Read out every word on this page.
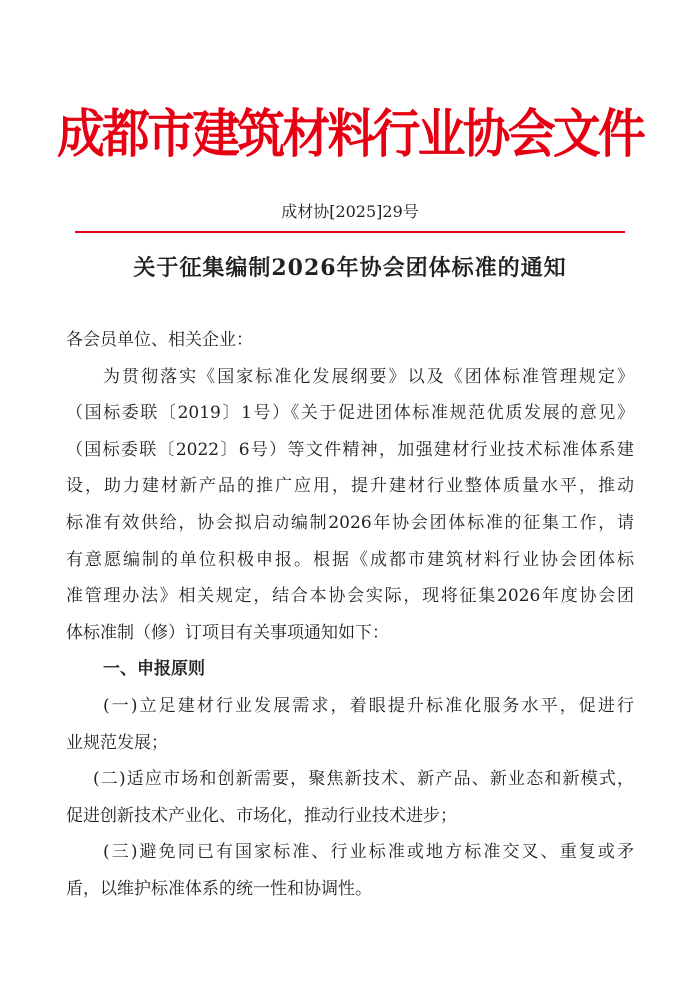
成都市建筑材料行业协会文件
成材协[2025]29号
关于征集编制2026年协会团体标准的通知
各会员单位、相关企业：
为贯彻落实《国家标准化发展纲要》以及《团体标准管理规定》
（国标委联〔2019〕1号）《关于促进团体标准规范优质发展的意见》
（国标委联〔2022〕6号）等文件精神，加强建材行业技术标准体系建
设，助力建材新产品的推广应用，提升建材行业整体质量水平，推动
标准有效供给，协会拟启动编制2026年协会团体标准的征集工作，请
有意愿编制的单位积极申报。根据《成都市建筑材料行业协会团体标
准管理办法》相关规定，结合本协会实际，现将征集2026年度协会团
体标准制（修）订项目有关事项通知如下：
一、申报原则
(一)立足建材行业发展需求，着眼提升标准化服务水平，促进行
业规范发展；
(二)适应市场和创新需要，聚焦新技术、新产品、新业态和新模式，
促进创新技术产业化、市场化，推动行业技术进步；
(三)避免同已有国家标准、行业标准或地方标准交叉、重复或矛
盾，以维护标准体系的统一性和协调性。
